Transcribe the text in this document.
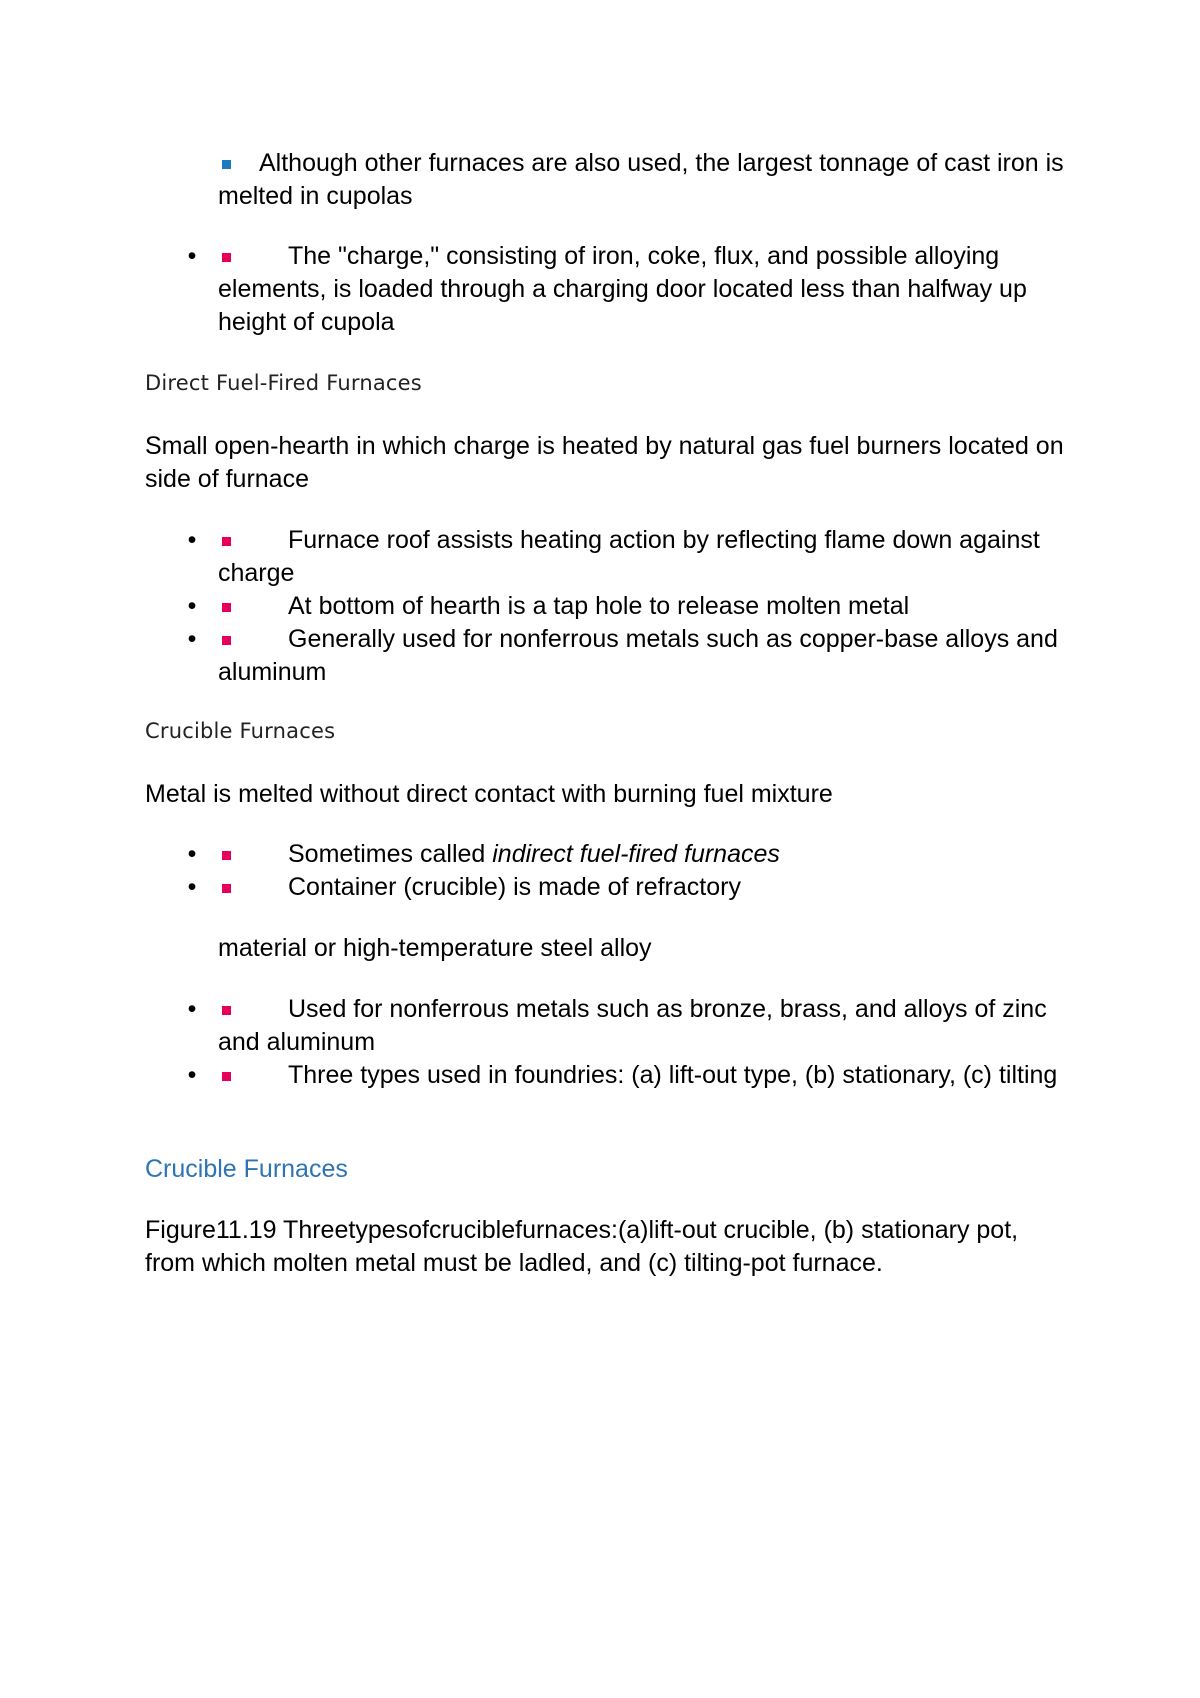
Although other furnaces are also used, the largest tonnage of cast iron is melted in cupolas
•	The "charge," consisting of iron, coke, flux, and possible alloying elements, is loaded through a charging door located less than halfway up height of cupola
Direct Fuel-Fired Furnaces
Small open-hearth in which charge is heated by natural gas fuel burners located on side of furnace
•	Furnace roof assists heating action by reflecting flame down against charge
•	At bottom of hearth is a tap hole to release molten metal
•	Generally used for nonferrous metals such as copper-base alloys and aluminum
Crucible Furnaces
Metal is melted without direct contact with burning fuel mixture
•	Sometimes called indirect fuel-fired furnaces
•	Container (crucible) is made of refractory
material or high-temperature steel alloy
•	Used for nonferrous metals such as bronze, brass, and alloys of zinc and aluminum
•	Three types used in foundries: (a) lift-out type, (b) stationary, (c) tilting
Crucible Furnaces
Figure11.19 Threetypesofcruciblefurnaces:(a)lift-out crucible, (b) stationary pot, from which molten metal must be ladled, and (c) tilting-pot furnace.
